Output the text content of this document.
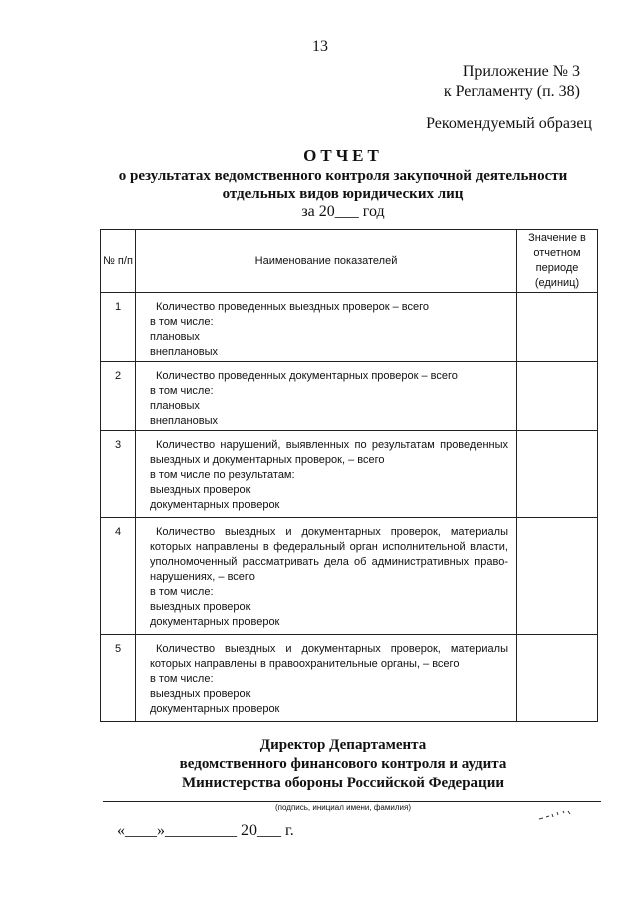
13
Приложение № 3
к Регламенту (п. 38)
Рекомендуемый образец
ОТЧЕТ
о результатах ведомственного контроля закупочной деятельности
отдельных видов юридических лиц
за 20___ год
№ п/п	Наименование показателей	Значение в отчетном периоде (единиц)
1	Количество проведенных выездных проверок – всего

в том числе:

плановых

внеплановых	

2	Количество проведенных документарных проверок – всего

в том числе:

плановых

внеплановых	

3	Количество нарушений, выявленных по результатам проведенных выездных и документарных проверок, – всего

в том числе по результатам:

выездных проверок

документарных проверок	

4	Количество выездных и документарных проверок, материалы которых направлены в федеральный орган исполнительной власти, уполномоченный рассматривать дела об административных право-нарушениях, – всего

в том числе:

выездных проверок

документарных проверок	

5	Количество выездных и документарных проверок, материалы которых направлены в правоохранительные органы, – всего

в том числе:

выездных проверок

документарных проверок	

Директор Департамента
ведомственного финансового контроля и аудита
Министерства обороны Российской Федерации
(подпись, инициал имени, фамилия)
«____»_________ 20___ г.
